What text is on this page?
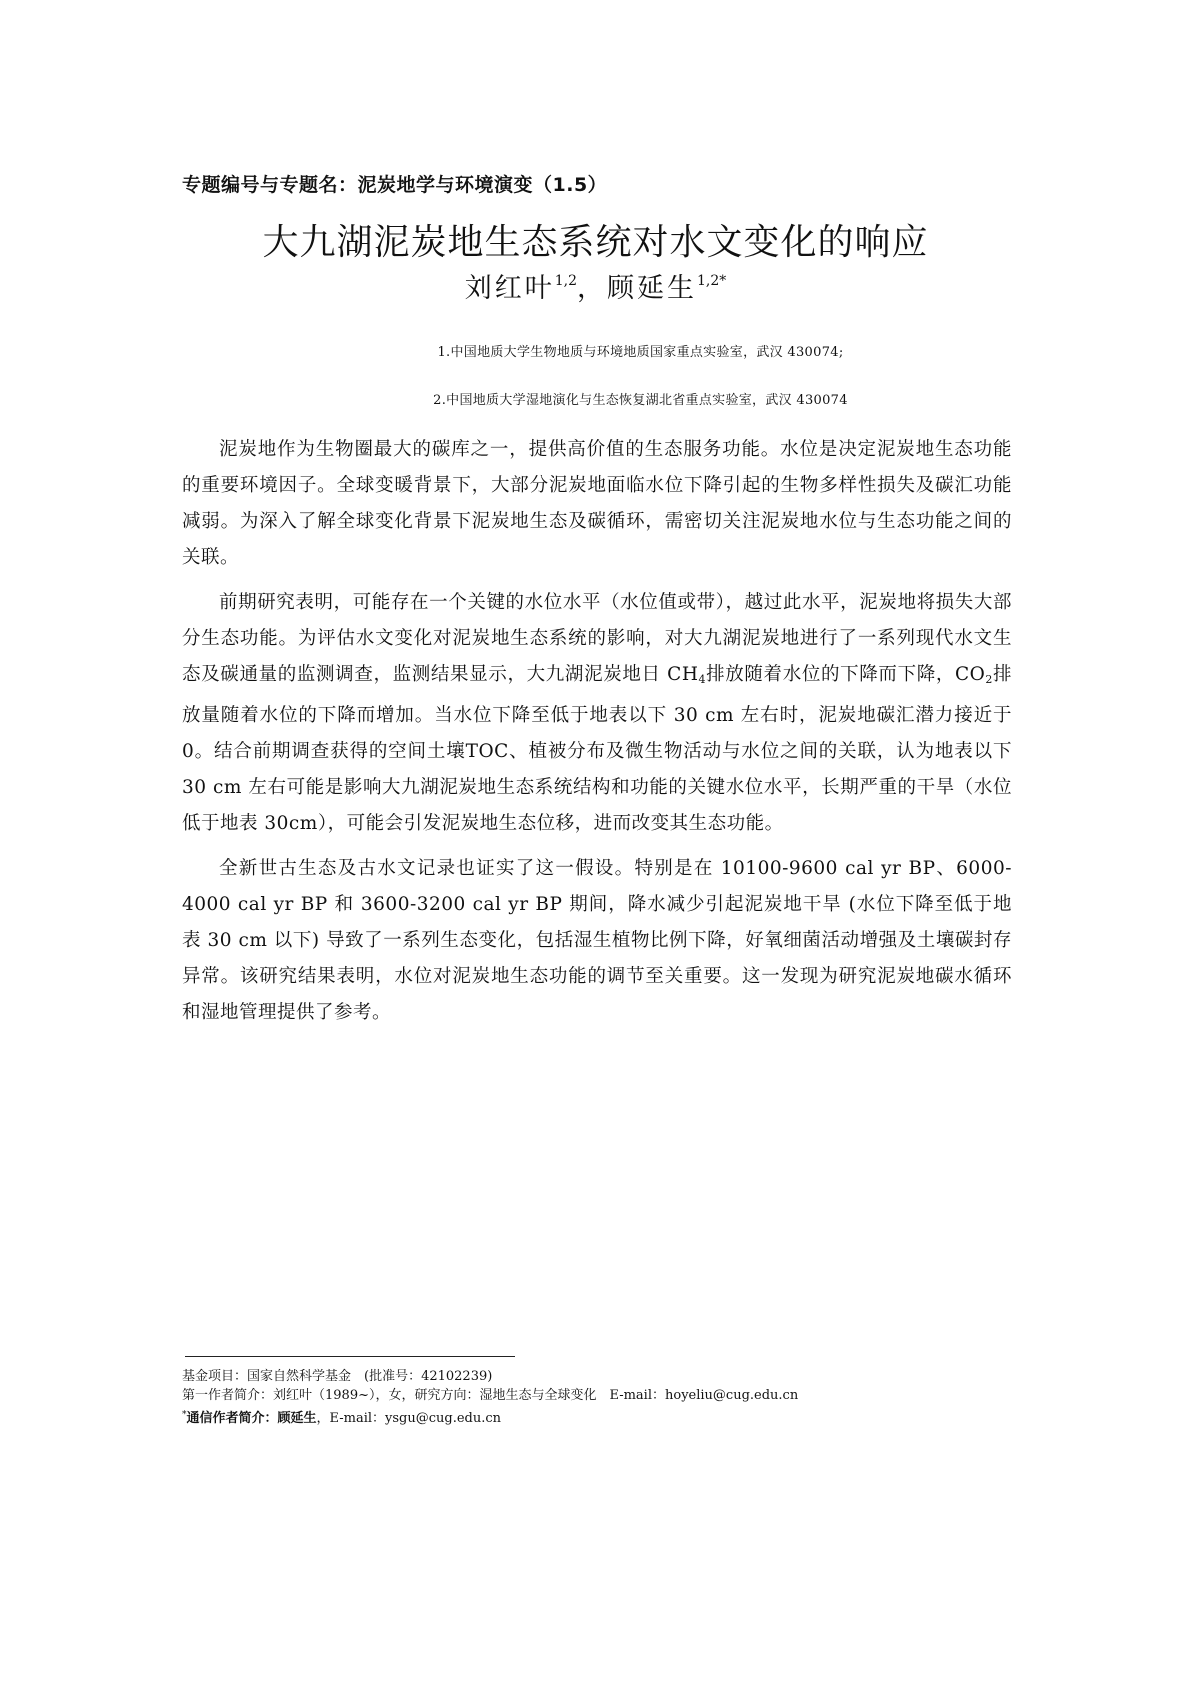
专题编号与专题名：泥炭地学与环境演变（1.5）
大九湖泥炭地生态系统对水文变化的响应
刘红叶$^{1,2}$，顾延生$^{1,2*}$
1.中国地质大学生物地质与环境地质国家重点实验室，武汉 430074;
2.中国地质大学湿地演化与生态恢复湖北省重点实验室，武汉 430074

泥炭地作为生物圈最大的碳库之一，提供高价值的生态服务功能。水位是决定泥炭地生态功能的重要环境因子。全球变暖背景下，大部分泥炭地面临水位下降引起的生物多样性损失及碳汇功能减弱。为深入了解全球变化背景下泥炭地生态及碳循环，需密切关注泥炭地水位与生态功能之间的关联。

前期研究表明，可能存在一个关键的水位水平（水位值或带），越过此水平，泥炭地将损失大部分生态功能。为评估水文变化对泥炭地生态系统的影响，对大九湖泥炭地进行了一系列现代水文生态及碳通量的监测调查，监测结果显示，大九湖泥炭地日 $CH_4$排放随着水位的下降而下降，$CO_2$排放量随着水位的下降而增加。当水位下降至低于地表以下 30 cm 左右时，泥炭地碳汇潜力接近于 0。结合前期调查获得的空间土壤TOC、植被分布及微生物活动与水位之间的关联，认为地表以下 30 cm 左右可能是影响大九湖泥炭地生态系统结构和功能的关键水位水平，长期严重的干旱（水位低于地表 30cm），可能会引发泥炭地生态位移，进而改变其生态功能。

全新世古生态及古水文记录也证实了这一假设。特别是在 10100-9600 cal yr BP、6000-4000 cal yr BP 和 3600-3200 cal yr BP 期间，降水减少引起泥炭地干旱 (水位下降至低于地表 30 cm 以下) 导致了一系列生态变化，包括湿生植物比例下降，好氧细菌活动增强及土壤碳封存异常。该研究结果表明，水位对泥炭地生态功能的调节至关重要。这一发现为研究泥炭地碳水循环和湿地管理提供了参考。

基金项目：国家自然科学基金　(批准号：42102239)
第一作者简介：刘红叶（1989~），女，研究方向：湿地生态与全球变化　E-mail：hoyeliu@cug.edu.cn
*通信作者简介：顾延生，E-mail：ysgu@cug.edu.cn
